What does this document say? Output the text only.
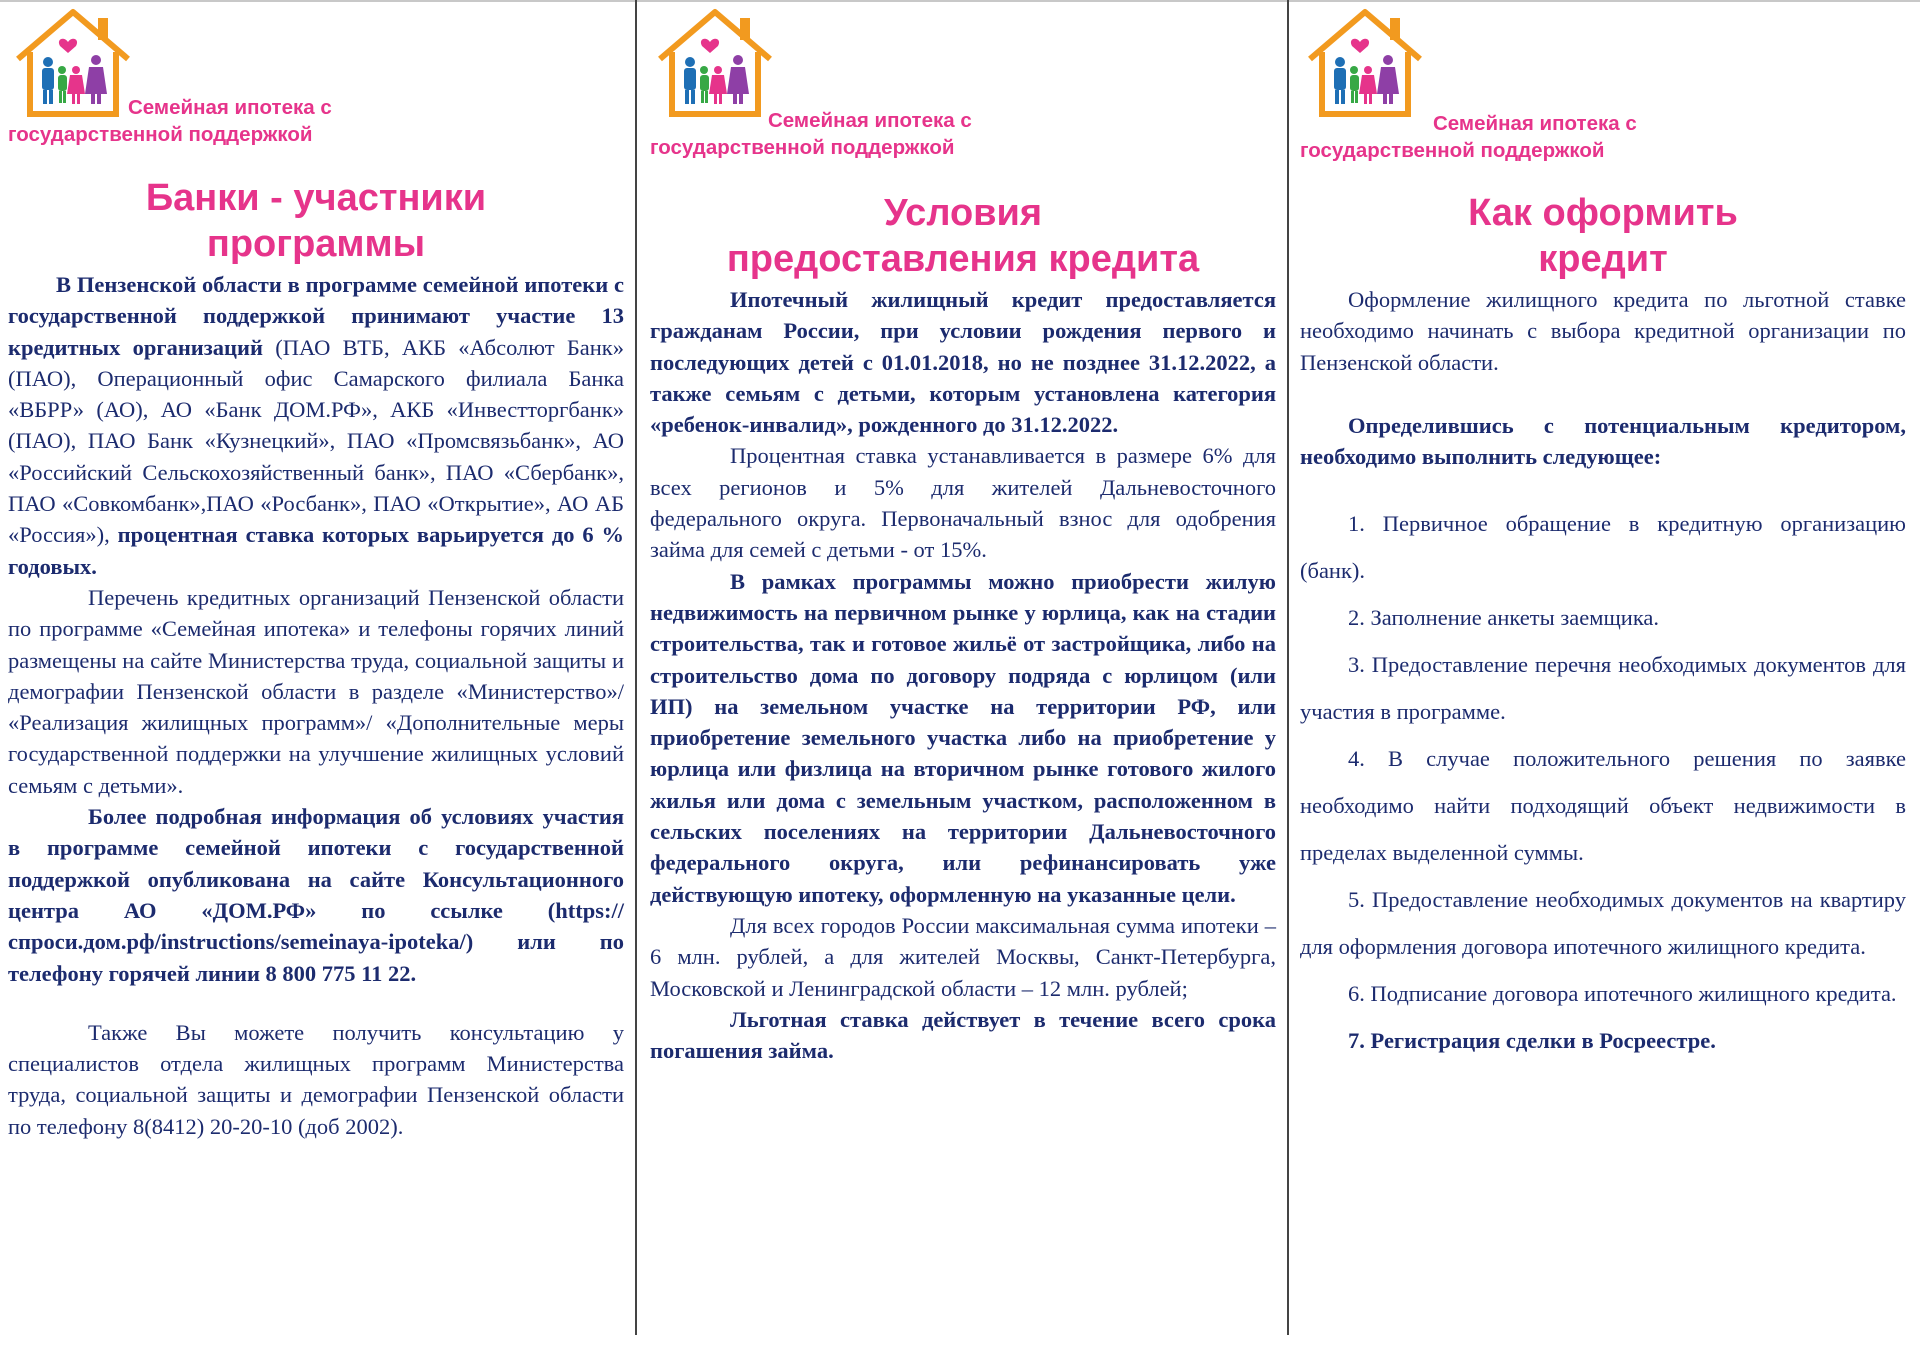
Семейная ипотека с
государственной поддержкой
Банки - участники
программы
В Пензенской области в программе семейной ипотеки с государственной поддержкой принимают участие 13 кредитных организаций (ПАО ВТБ, АКБ «Абсолют Банк» (ПАО), Операционный офис Самарского филиала Банка «ВБРР» (АО), АО «Банк ДОМ.РФ», АКБ «Инвестторгбанк» (ПАО), ПАО Банк «Кузнецкий», ПАО «Промсвязьбанк», АО «Российский Сельскохозяйственный банк», ПАО «Сбербанк», ПАО «Совкомбанк»,ПАО «Росбанк», ПАО «Открытие», АО АБ «Россия»), процентная ставка которых варьируется до 6 % годовых.
Перечень кредитных организаций Пензенской области по программе «Семейная ипотека» и телефоны горячих линий размещены на сайте Министерства труда, социальной защиты и демографии Пензенской области в разделе «Министерство»/ «Реализация жилищных программ»/ «Дополнительные меры государственной поддержки на улучшение жилищных условий семьям с детьми».
Более подробная информация об условиях участия в программе семейной ипотеки с государственной поддержкой опубликована на сайте Консультационного центра АО «ДОМ.РФ» по ссылке (https://спроси.дом.рф/instructions/semeinaya-ipoteka/) или по телефону горячей линии 8 800 775 11 22.
Также Вы можете получить консультацию у специалистов отдела жилищных программ Министерства труда, социальной защиты и демографии Пензенской области по телефону 8(8412) 20-20-10 (доб 2002).
Семейная ипотека с
государственной поддержкой
Условия
предоставления кредита
Ипотечный жилищный кредит предоставляется гражданам России, при условии рождения первого и последующих детей с 01.01.2018, но не позднее 31.12.2022, а также семьям с детьми, которым установлена категория «ребенок-инвалид», рожденного до 31.12.2022.
Процентная ставка устанавливается в размере 6% для всех регионов и 5% для жителей Дальневосточного федерального округа. Первоначальный взнос для одобрения займа для семей с детьми - от 15%.
В рамках программы можно приобрести жилую недвижимость на первичном рынке у юрлица, как на стадии строительства, так и готовое жильё от застройщика, либо на строительство дома по договору подряда с юрлицом (или ИП) на земельном участке на территории РФ, или приобретение земельного участка либо на приобретение у юрлица или физлица на вторичном рынке готового жилого жилья или дома с земельным участком, расположенном в сельских поселениях на территории Дальневосточного федерального округа, или рефинансировать уже действующую ипотеку, оформленную на указанные цели.
Для всех городов России максимальная сумма ипотеки – 6 млн. рублей, а для жителей Москвы, Санкт-Петербурга, Московской и Ленинградской области – 12 млн. рублей;
Льготная ставка действует в течение всего срока погашения займа.
Семейная ипотека с
государственной поддержкой
Как оформить
кредит
Оформление жилищного кредита по льготной ставке необходимо начинать с выбора кредитной организации по Пензенской области.
Определившись с потенциальным кредитором, необходимо выполнить следующее:
1. Первичное обращение в кредитную организацию (банк).
2. Заполнение анкеты заемщика.
3. Предоставление перечня необходимых документов для участия в программе.
4. В случае положительного решения по заявке необходимо найти подходящий объект недвижимости в пределах выделенной суммы.
5. Предоставление необходимых документов на квартиру для оформления договора ипотечного жилищного кредита.
6. Подписание договора ипотечного жилищного кредита.
7. Регистрация сделки в Росреестре.
